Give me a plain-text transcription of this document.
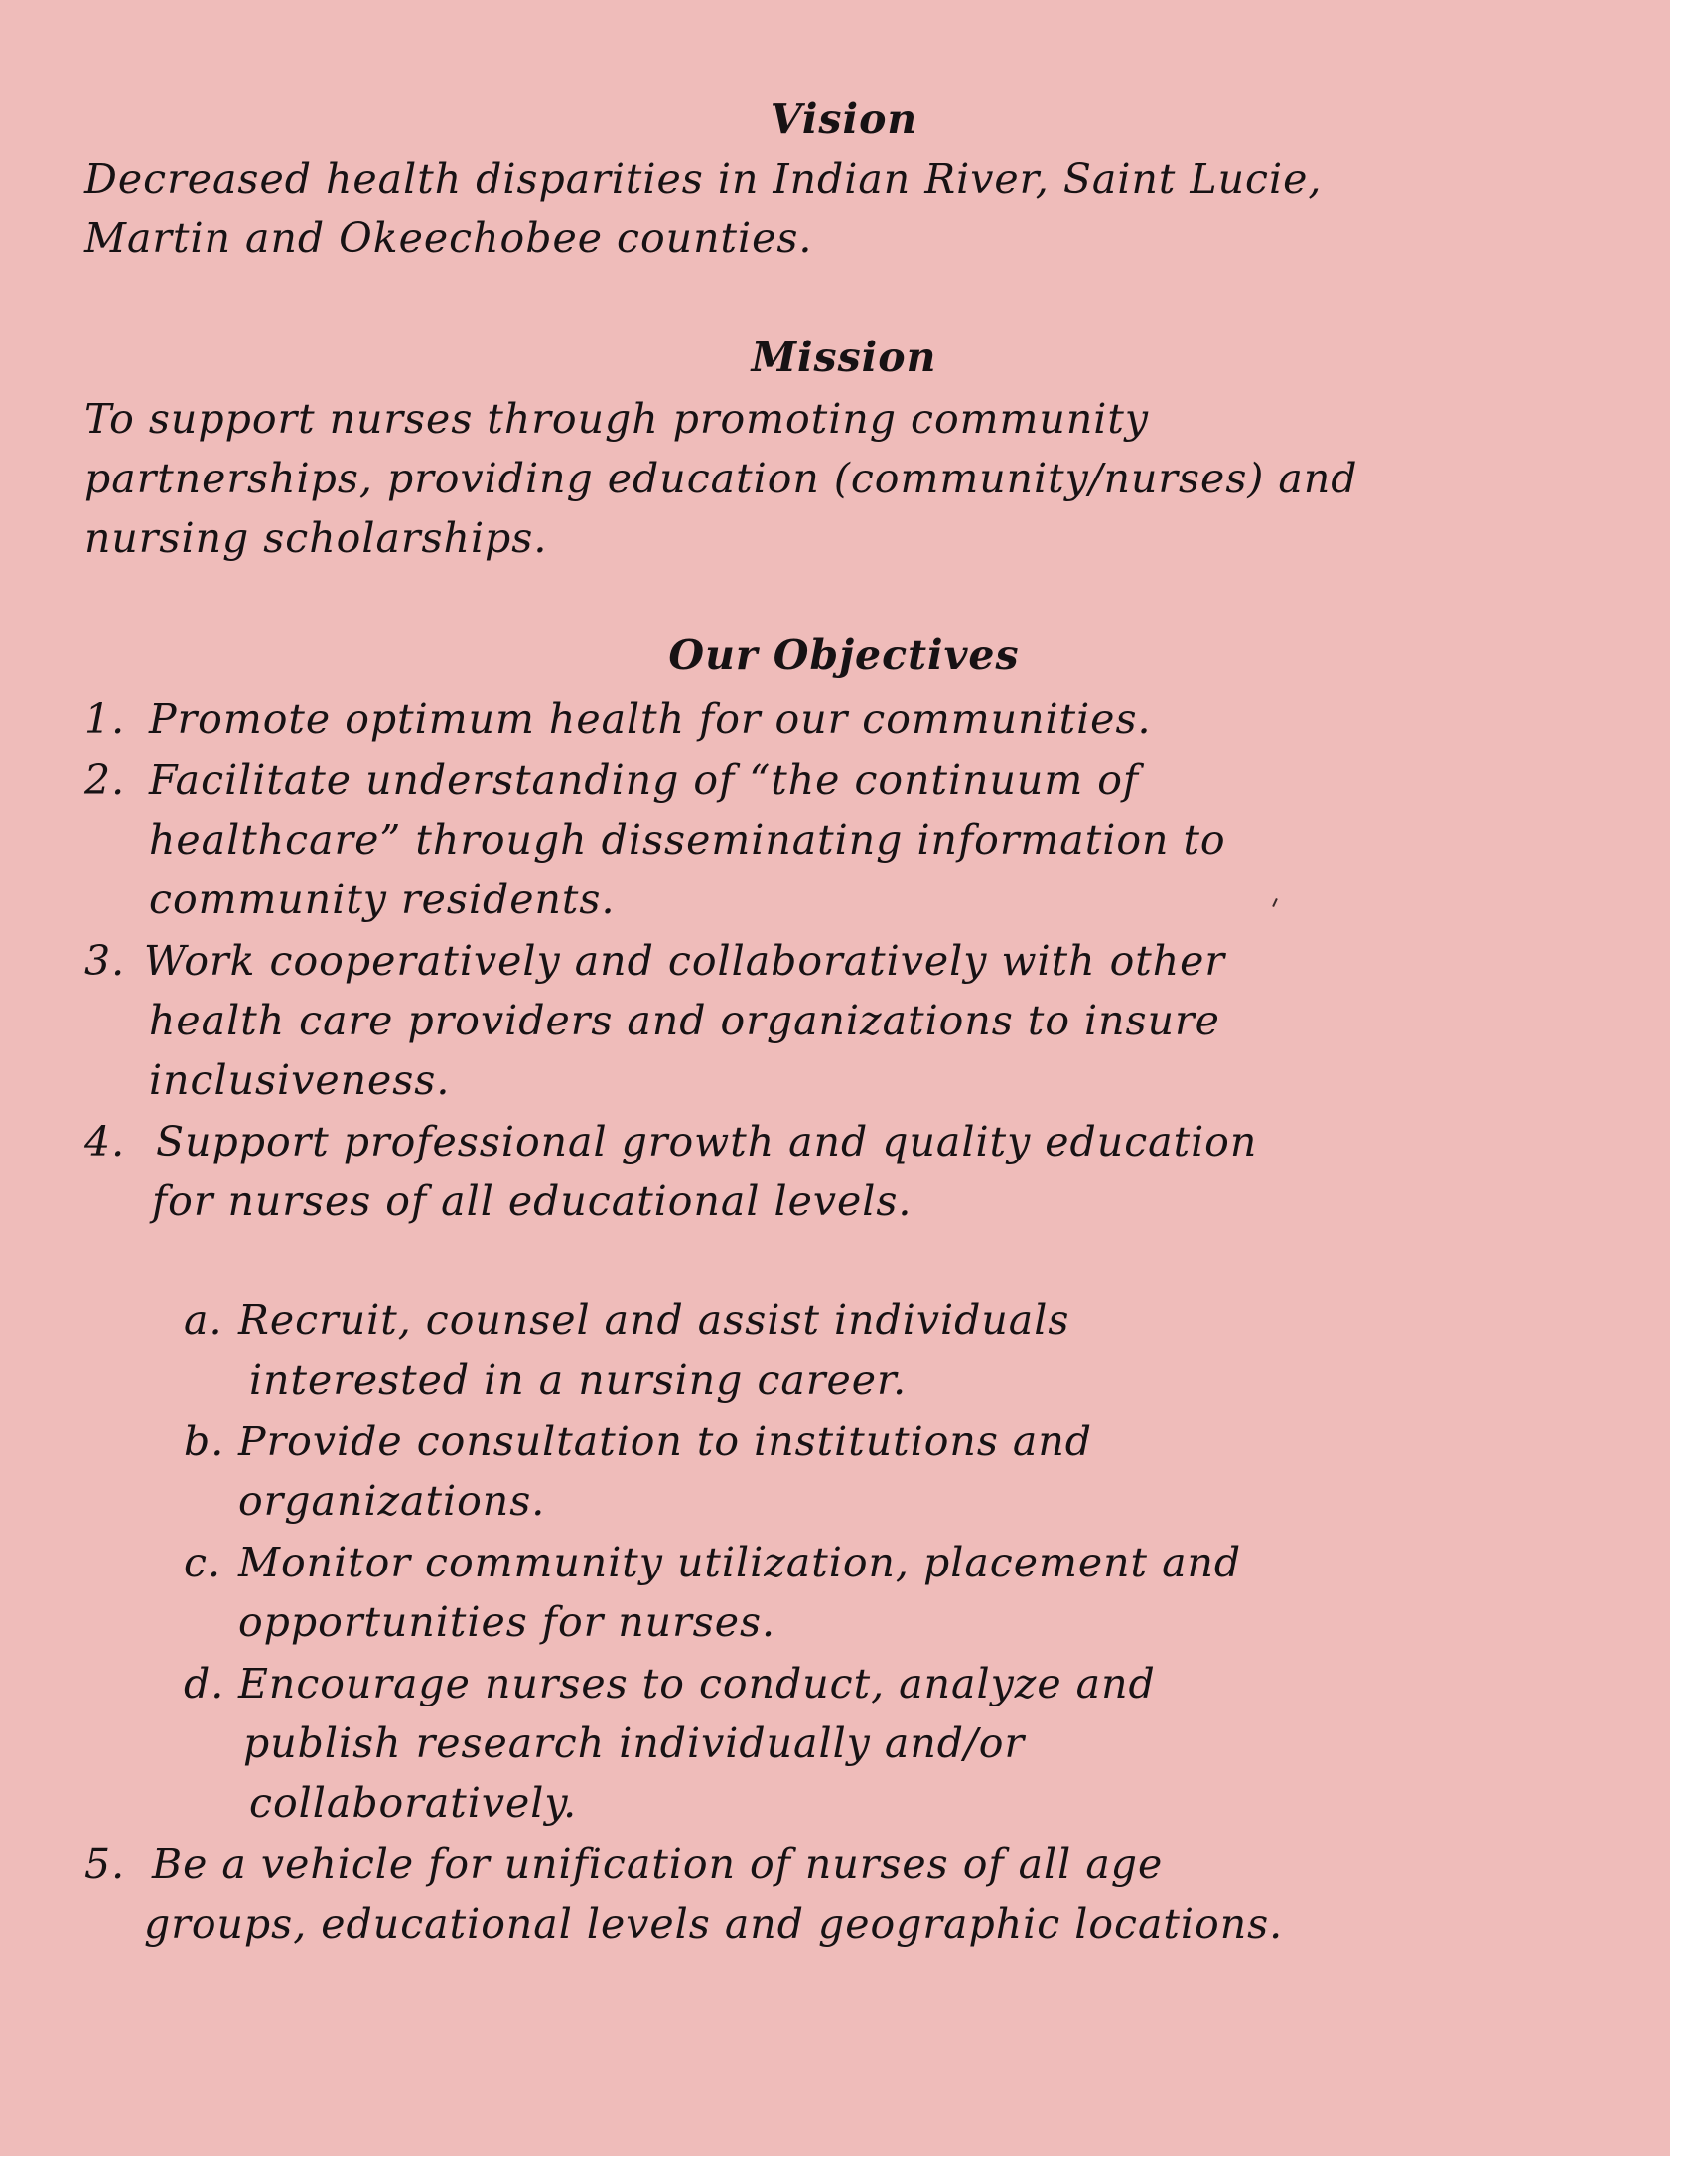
Vision
Decreased health disparities in Indian River, Saint Lucie,
Martin and Okeechobee counties.
Mission
To support nurses through promoting community
partnerships, providing education (community/nurses) and
nursing scholarships.
Our Objectives
1. Promote optimum health for our communities.
2. Facilitate understanding of “the continuum of
healthcare” through disseminating information to
community residents.
3. Work cooperatively and collaboratively with other
health care providers and organizations to insure
inclusiveness.
4. Support professional growth and quality education
for nurses of all educational levels.
a. Recruit, counsel and assist individuals
interested in a nursing career.
b. Provide consultation to institutions and
organizations.
c. Monitor community utilization, placement and
opportunities for nurses.
d. Encourage nurses to conduct, analyze and
publish research individually and/or
collaboratively.
5. Be a vehicle for unification of nurses of all age
groups, educational levels and geographic locations.
